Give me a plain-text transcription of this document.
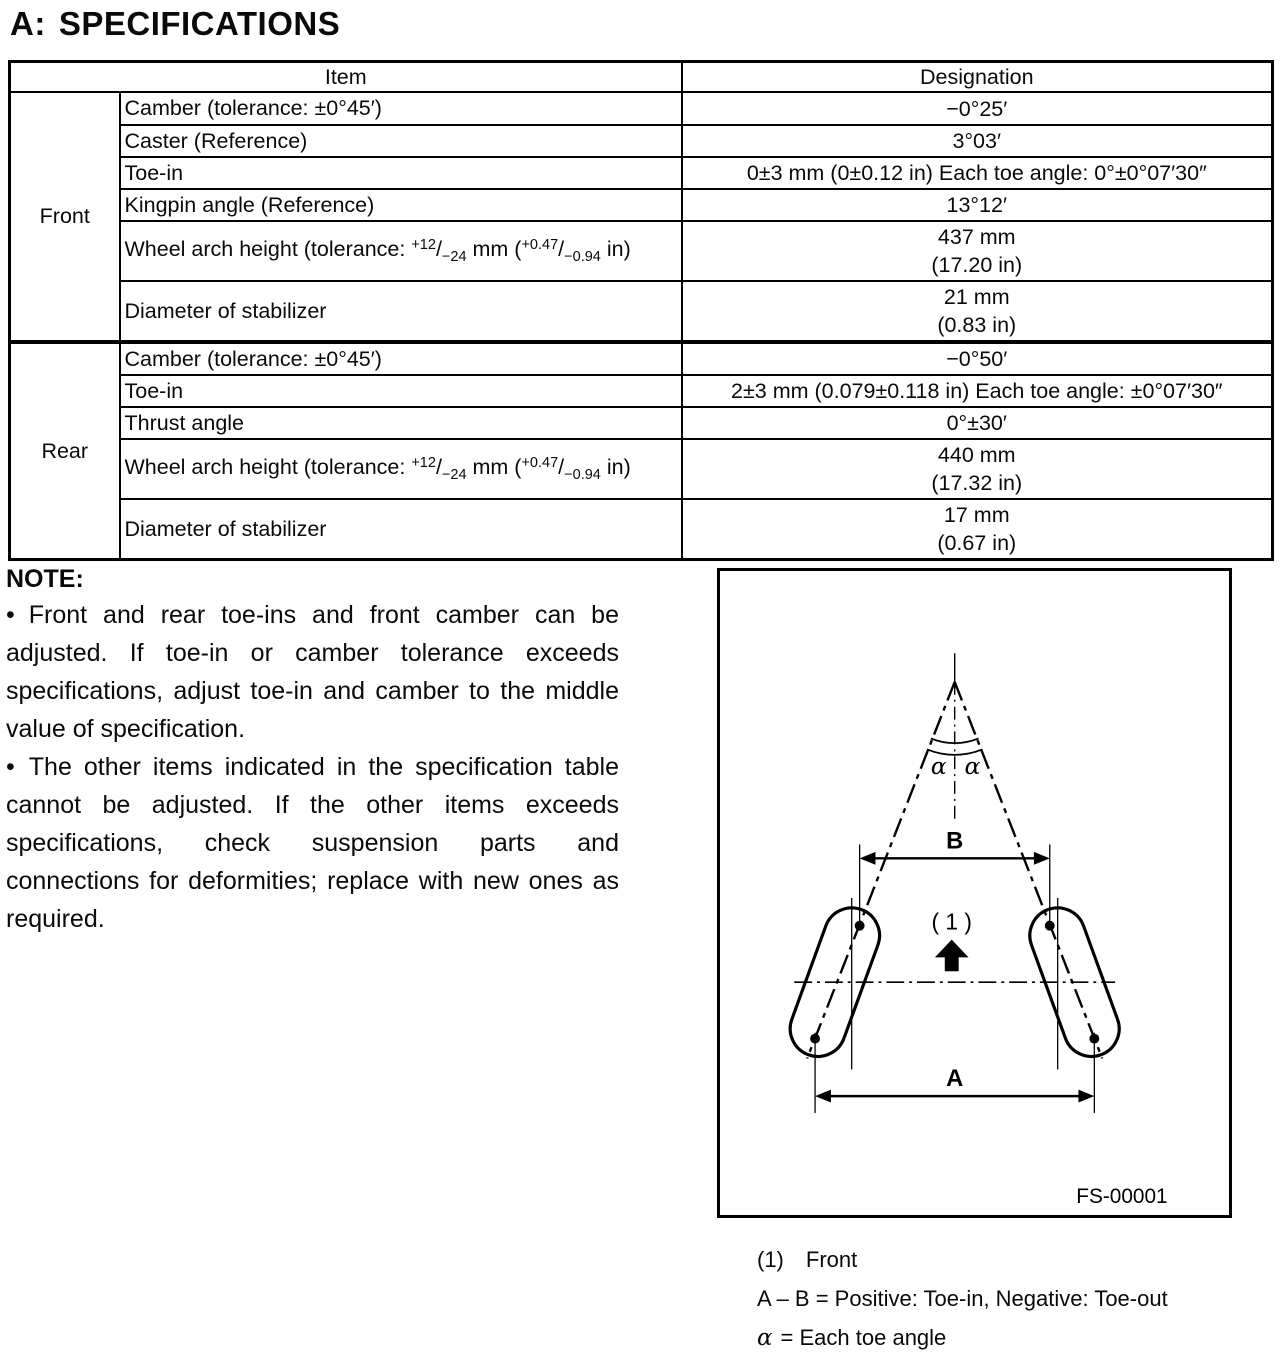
A: SPECIFICATIONS
Item		Designation
Front	Camber (tolerance: ±0°45′)	−0°25′
	Caster (Reference)	3°03′
	Toe-in	0±3 mm (0±0.12 in) Each toe angle: 0°±0°07′30″
	Kingpin angle (Reference)	13°12′
	Wheel arch height (tolerance: $^{+12}/_{-24}$ mm ($^{+0.47}/_{-0.94}$ in)	437 mm
(17.20 in)
	Diameter of stabilizer	21 mm
(0.83 in)
Rear	Camber (tolerance: ±0°45′)	−0°50′
	Toe-in	2±3 mm (0.079±0.118 in) Each toe angle: ±0°07′30″
	Thrust angle	0°±30′
	Wheel arch height (tolerance: $^{+12}/_{-24}$ mm ($^{+0.47}/_{-0.94}$ in)	440 mm
(17.32 in)
	Diameter of stabilizer	17 mm
(0.67 in)
NOTE:
• Front and rear toe-ins and front camber can be adjusted. If toe-in or camber tolerance exceeds specifications, adjust toe-in and camber to the middle value of specification.
• The other items indicated in the specification table cannot be adjusted. If the other items exceeds specifications, check suspension parts and connections for deformities; replace with new ones as required.
α α
B
( 1 )
A
FS-00001
(1) Front
A – B = Positive: Toe-in, Negative: Toe-out
α = Each toe angle
